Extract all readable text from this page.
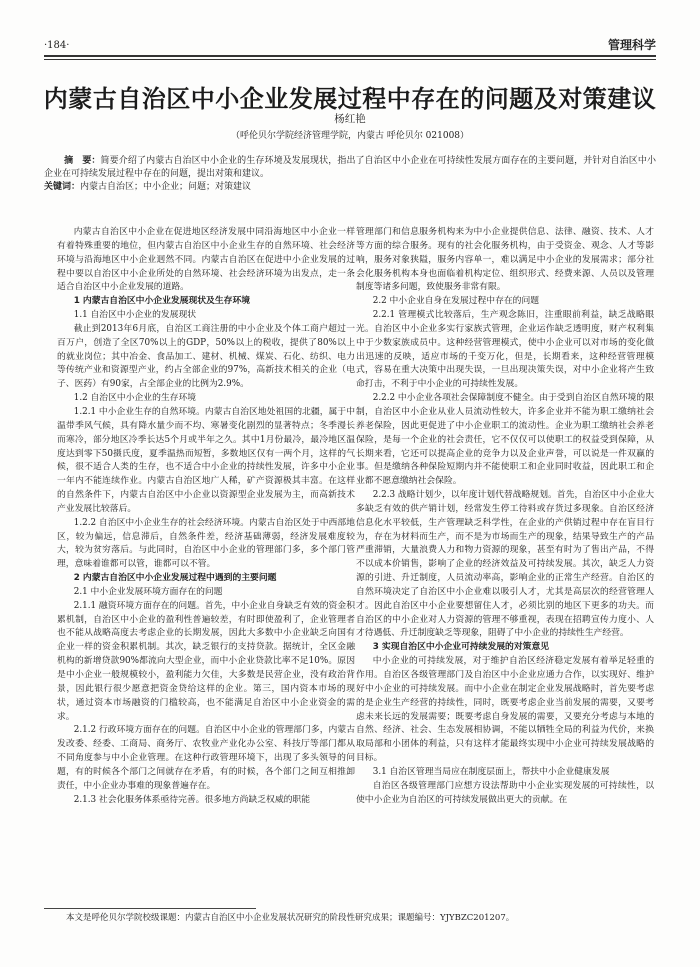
·184·	管理科学
内蒙古自治区中小企业发展过程中存在的问题及对策建议
杨红艳
（呼伦贝尔学院经济管理学院，内蒙古 呼伦贝尔 021008）

摘　要：简要介绍了内蒙古自治区中小企业的生存环境及发展现状，指出了自治区中小企业在可持续性发展方面存在的主要问题，并针对自治区中小企业在可持续发展过程中存在的问题，提出对策和建议。

关键词：内蒙古自治区；中小企业；问题；对策建议

内蒙古自治区中小企业在促进地区经济发展中同沿海地区中小企业一样有着特殊重要的地位，但内蒙古自治区中小企业生存的自然环境、社会经济环境与沿海地区中小企业迥然不同。内蒙古自治区在促进中小企业发展的过程中要以自治区中小企业所处的自然环境、社会经济环境为出发点，走一条适合自治区中小企业发展的道路。

1 内蒙古自治区中小企业发展现状及生存环境

1.1 自治区中小企业的发展现状

截止到2013年6月底，自治区工商注册的中小企业及个体工商户超过一百万户，创造了全区70%以上的GDP，50%以上的税收，提供了80%以上的就业岗位；其中冶金、食品加工、建材、机械、煤炭、石化、纺织、电力等传统产业和资源型产业，约占全部企业的97%，高新技术相关的企业（电子、医药）有90家，占全部企业的比例为2.9%。

1.2 自治区中小企业的生存环境

1.2.1 中小企业生存的自然环境。内蒙古自治区地处祖国的北疆，属于中温带季风气候，具有降水量少而不均、寒暑变化剧烈的显著特点；冬季漫长而寒冷，部分地区冷季长达5个月或半年之久。其中1月份最冷，最冷地区温度达到零下50摄氏度，夏季温热而短暂，多数地区仅有一两个月，这样的气候，很不适合人类的生存，也不适合中小企业的持续性发展，许多中小企业一年内不能连续作业。内蒙古自治区地广人稀，矿产资源极其丰富。在这样的自然条件下，内蒙古自治区中小企业以资源型企业发展为主，而高新技术产业发展比较落后。

1.2.2 自治区中小企业生存的社会经济环境。内蒙古自治区处于中西部地区，较为偏远，信息滞后，自然条件差，经济基础薄弱，经济发展难度较大，较为贫穷落后。与此同时，自治区中小企业的管理部门多，多个部门管理，意味着谁都可以管，谁都可以不管。

2 内蒙古自治区中小企业发展过程中遇到的主要问题

2.1 中小企业发展环境方面存在的问题

2.1.1 融资环境方面存在的问题。首先，中小企业自身缺乏有效的资金积累机制，自治区中小企业的盈利性普遍较差，有时即使盈利了，企业管理者也不能从战略高度去考虑企业的长期发展，因此大多数中小企业缺乏向国有企业一样的资金积累机制。其次，缺乏银行的支持贷款。据统计，全区金融机构的新增贷款90%都流向大型企业，而中小企业贷款比率不足10%。原因是中小企业一般规模较小，盈利能力欠佳，大多数是民营企业，没有政治背景，因此银行很少愿意把资金贷给这样的企业。第三，国内资本市场的现状，通过资本市场融资的门槛较高，也不能满足自治区中小企业资金的需求。

2.1.2 行政环境方面存在的问题。自治区中小企业的管理部门多，内蒙古发改委、经委、工商局、商务厅、农牧业产业化办公室、科技厅等部门都从不同角度参与中小企业管理。在这种行政管理环境下，出现了多头领导的问题，有的时候各个部门之间就存在矛盾，有的时候，各个部门之间互相推卸责任，中小企业办事难的现象普遍存在。

2.1.3 社会化服务体系亟待完善。很多地方尚缺乏权威的职能

管理部门和信息服务机构来为中小企业提供信息、法律、融资、技术、人才等方面的综合服务。现有的社会化服务机构，由于受资金、观念、人才等影响，服务对象狭隘，服务内容单一，难以满足中小企业的发展需求；部分社会化服务机构本身也面临着机构定位、组织形式、经费来源、人员以及管理制度等诸多问题，致使服务非常有限。

2.2 中小企业自身在发展过程中存在的问题

2.2.1 管理模式比较落后，生产观念陈旧，注重眼前利益，缺乏战略眼光。自治区中小企业多实行家族式管理，企业运作缺乏透明度，财产权利集中于少数家族成员中。这种经营管理模式，使中小企业可以对市场的变化做出迅速的反映，适应市场的千变万化，但是，长期看来，这种经营管理模式，容易在重大决策中出现失误，一旦出现决策失误，对中小企业将产生致命打击，不利于中小企业的可持续性发展。

2.2.2 中小企业各项社会保障制度不健全。由于受到自治区自然环境的限制，自治区中小企业从业人员流动性较大，许多企业并不能为职工缴纳社会养老保险，因此更促进了中小企业职工的流动性。企业为职工缴纳社会养老保险，是每一个企业的社会责任，它不仅仅可以使职工的权益受到保障，从长期来看，它还可以提高企业的竞争力以及企业声誉，可以说是一件双赢的事。但是缴纳各种保险短期内并不能使职工和企业同时收益，因此职工和企业都不愿意缴纳社会保险。

2.2.3 战略计划少，以年度计划代替战略规划。首先，自治区中小企业大多缺乏有效的供产销计划，经常发生停工待料或存货过多现象。自治区经济信息化水平较低，生产管理缺乏科学性，在企业的产供销过程中存在盲目行为，存在为材料而生产，而不是为市场而生产的现象，结果导致生产的产品严重滞销，大量浪费人力和物力资源的现象，甚至有时为了售出产品，不得不以成本价销售，影响了企业的经济效益及可持续发展。其次，缺乏人力资源的引进、升迁制度，人员流动率高，影响企业的正常生产经营。自治区的自然环境决定了自治区中小企业难以吸引人才，尤其是高层次的经营管理人才。因此自治区中小企业要想留住人才，必须比别的地区下更多的功夫。而自治区的中小企业对人力资源的管理不够重视，表现在招聘宣传力度小、人才待遇低、升迁制度缺乏等现象，阻碍了中小企业的持续性生产经营。

3 实现自治区中小企业可持续发展的对策意见

中小企业的可持续发展，对于维护自治区经济稳定发展有着举足轻重的作用。自治区各级管理部门及自治区中小企业应通力合作，以实现好、维护好中小企业的可持续发展。而中小企业在制定企业发展战略时，首先要考虑的是企业生产经营的持续性，同时，既要考虑企业当前发展的需要，又要考虑未来长远的发展需要；既要考虑自身发展的需要，又要充分考虑与本地的自然、经济、社会、生态发展相协调，不能以牺牲全局的利益为代价，来换取局部和小团体的利益，只有这样才能最终实现中小企业可持续发展战略的目标。

3.1 自治区管理当局应在制度层面上，帮扶中小企业健康发展

自治区各级管理部门应想方设法帮助中小企业实现发展的可持续性，以使中小企业为自治区的可持续发展做出更大的贡献。在

本文是呼伦贝尔学院校级课题：内蒙古自治区中小企业发展状况研究的阶段性研究成果；课题编号：YJYBZC201207。
